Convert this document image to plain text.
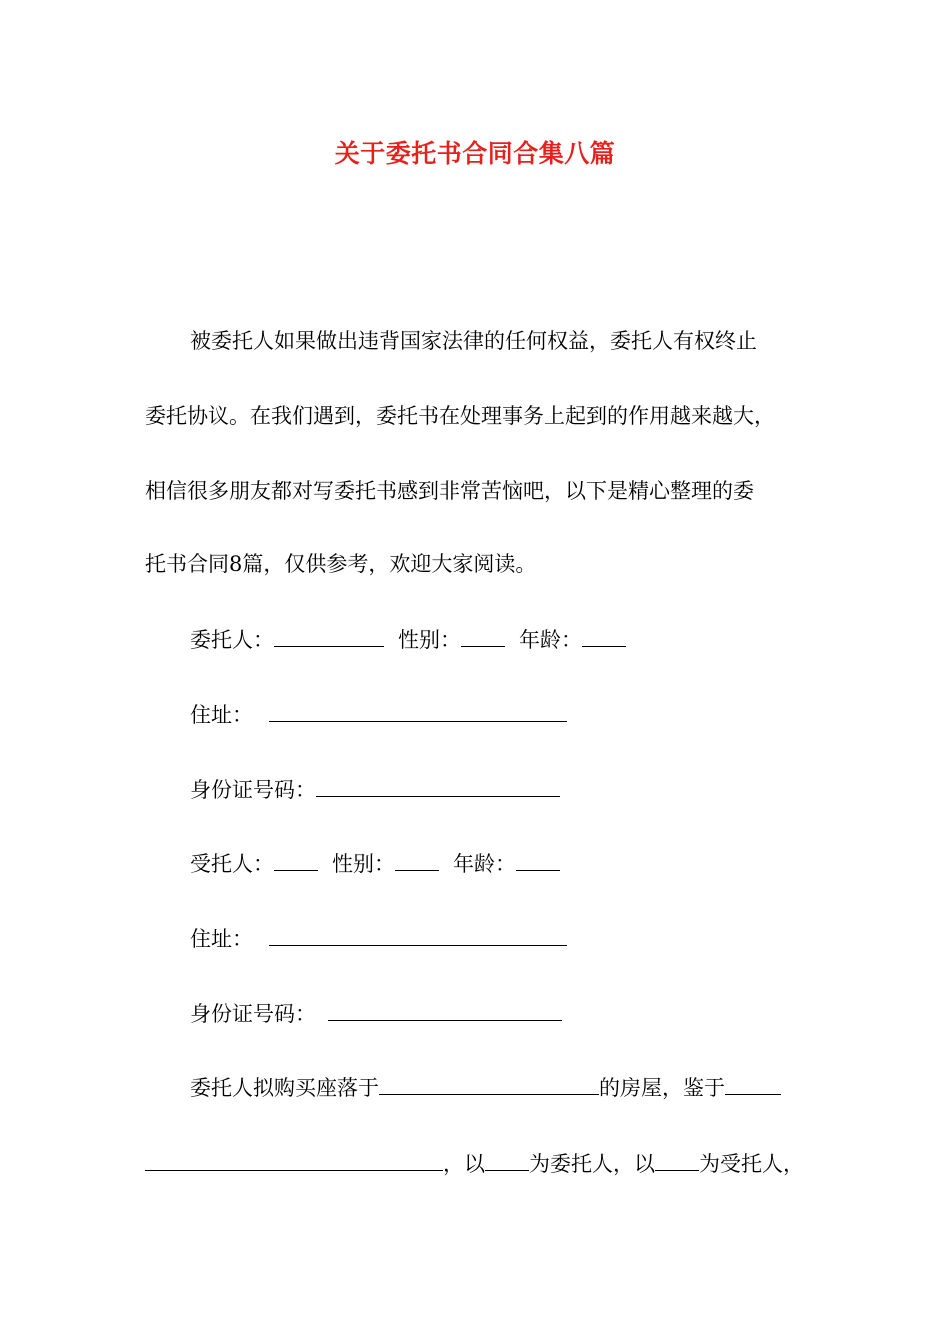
关于委托书合同合集八篇
被委托人如果做出违背国家法律的任何权益，委托人有权终止
委托协议。在我们遇到，委托书在处理事务上起到的作用越来越大，
相信很多朋友都对写委托书感到非常苦恼吧，以下是精心整理的委
托书合同8篇，仅供参考，欢迎大家阅读。
委托人：	性别：	年龄：
住址：
身份证号码：
受托人：	性别：	年龄：
住址：
身份证号码：
委托人拟购买座落于	的房屋，鉴于
，以 为委托人，以 为受托人，
